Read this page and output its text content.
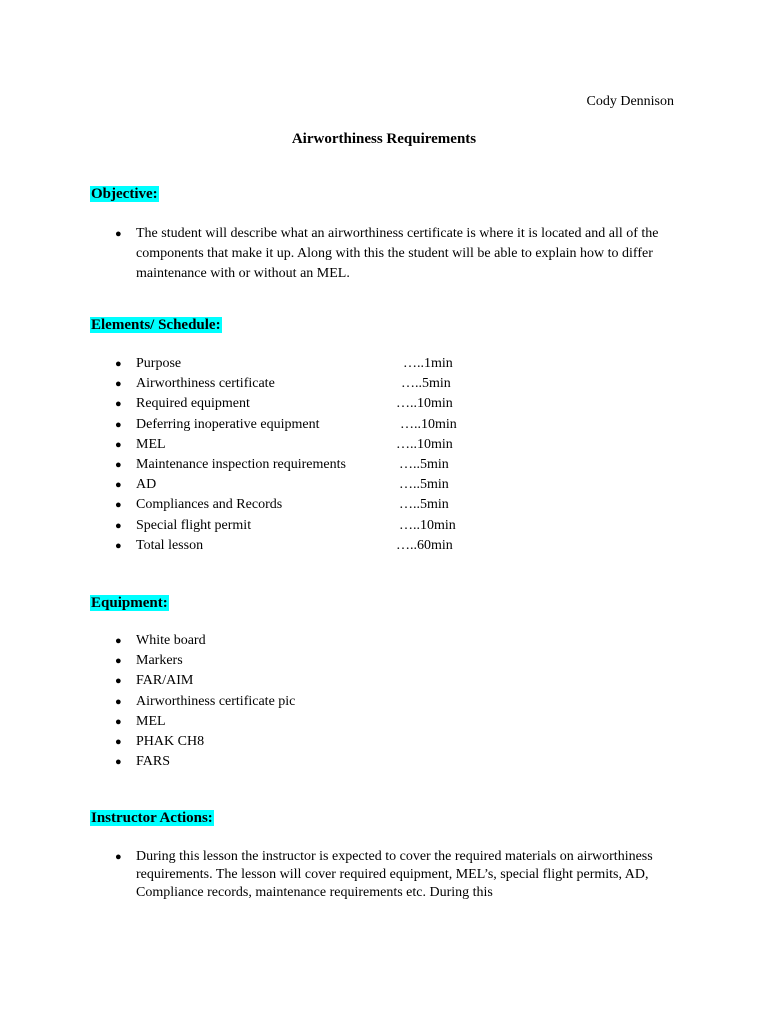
Cody Dennison
Airworthiness Requirements
Objective:
● The student will describe what an airworthiness certificate is where it is located and all of the components that make it up. Along with this the student will be able to explain how to differ maintenance with or without an MEL.
Elements/ Schedule:
● Purpose	…..1min
● Airworthiness certificate	…..5min
● Required equipment	…..10min
● Deferring inoperative equipment	…..10min
● MEL	…..10min
● Maintenance inspection requirements	…..5min
● AD	…..5min
● Compliances and Records	…..5min
● Special flight permit	…..10min
● Total lesson	…..60min
Equipment:
● White board
● Markers
● FAR/AIM
● Airworthiness certificate pic
● MEL
● PHAK CH8
● FARS
Instructor Actions:
● During this lesson the instructor is expected to cover the required materials on airworthiness requirements. The lesson will cover required equipment, MEL’s, special flight permits, AD, Compliance records, maintenance requirements etc. During this
